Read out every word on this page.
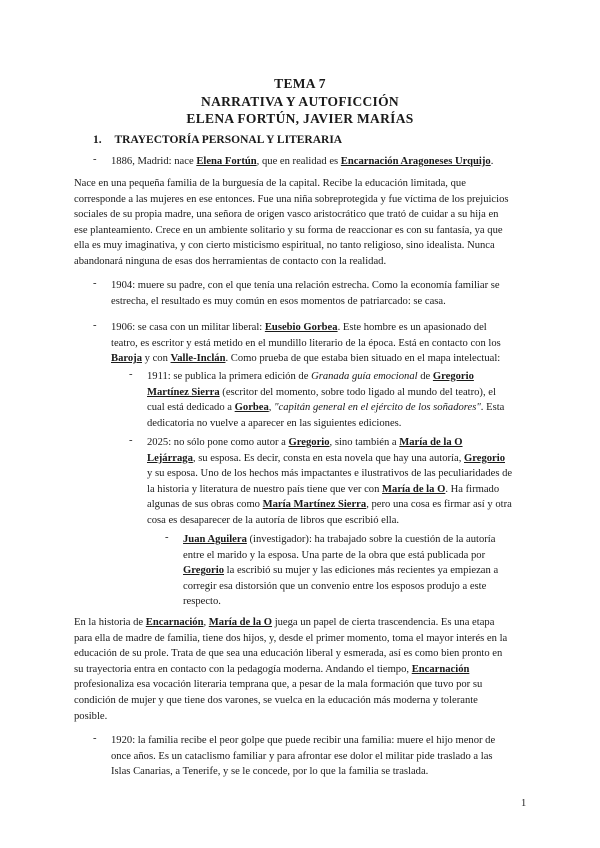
TEMA 7
NARRATIVA Y AUTOFICCIÓN
ELENA FORTÚN, JAVIER MARÍAS
1. TRAYECTORÍA PERSONAL Y LITERARIA
- 1886, Madrid: nace Elena Fortún, que en realidad es Encarnación Aragoneses Urquijo.
Nace en una pequeña familia de la burguesía de la capital. Recibe la educación limitada, que
corresponde a las mujeres en ese entonces. Fue una niña sobreprotegida y fue víctima de los prejuicios
sociales de su propia madre, una señora de origen vasco aristocrático que trató de cuidar a su hija en
ese planteamiento. Crece en un ambiente solitario y su forma de reaccionar es con su fantasía, ya que
ella es muy imaginativa, y con cierto misticismo espiritual, no tanto religioso, sino idealista. Nunca
abandonará ninguna de esas dos herramientas de contacto con la realidad.
- 1904: muere su padre, con el que tenía una relación estrecha. Como la economía familiar se
estrecha, el resultado es muy común en esos momentos de patriarcado: se casa.
- 1906: se casa con un militar liberal: Eusebio Gorbea. Este hombre es un apasionado del
teatro, es escritor y está metido en el mundillo literario de la época. Está en contacto con los
Baroja y con Valle-Inclán. Como prueba de que estaba bien situado en el mapa intelectual:
- 1911: se publica la primera edición de Granada guía emocional de Gregorio
Martínez Sierra (escritor del momento, sobre todo ligado al mundo del teatro), el
cual está dedicado a Gorbea, "capitán general en el ejército de los soñadores". Esta
dedicatoria no vuelve a aparecer en las siguientes ediciones.
- 2025: no sólo pone como autor a Gregorio, sino también a María de la O
Lejárraga, su esposa. Es decir, consta en esta novela que hay una autoría, Gregorio
y su esposa. Uno de los hechos más impactantes e ilustrativos de las peculiaridades de
la historia y literatura de nuestro país tiene que ver con María de la O. Ha firmado
algunas de sus obras como María Martínez Sierra, pero una cosa es firmar así y otra
cosa es desaparecer de la autoría de libros que escribió ella.
- Juan Aguilera (investigador): ha trabajado sobre la cuestión de la autoría
entre el marido y la esposa. Una parte de la obra que está publicada por
Gregorio la escribió su mujer y las ediciones más recientes ya empiezan a
corregir esa distorsión que un convenio entre los esposos produjo a este
respecto.
En la historia de Encarnación, María de la O juega un papel de cierta trascendencia. Es una etapa
para ella de madre de familia, tiene dos hijos, y, desde el primer momento, toma el mayor interés en la
educación de su prole. Trata de que sea una educación liberal y esmerada, así es como bien pronto en
su trayectoria entra en contacto con la pedagogía moderna. Andando el tiempo, Encarnación
profesionaliza esa vocación literaria temprana que, a pesar de la mala formación que tuvo por su
condición de mujer y que tiene dos varones, se vuelca en la educación más moderna y tolerante
posible.
- 1920: la familia recibe el peor golpe que puede recibir una familia: muere el hijo menor de
once años. Es un cataclismo familiar y para afrontar ese dolor el militar pide traslado a las
Islas Canarias, a Tenerife, y se le concede, por lo que la familia se traslada.
1
